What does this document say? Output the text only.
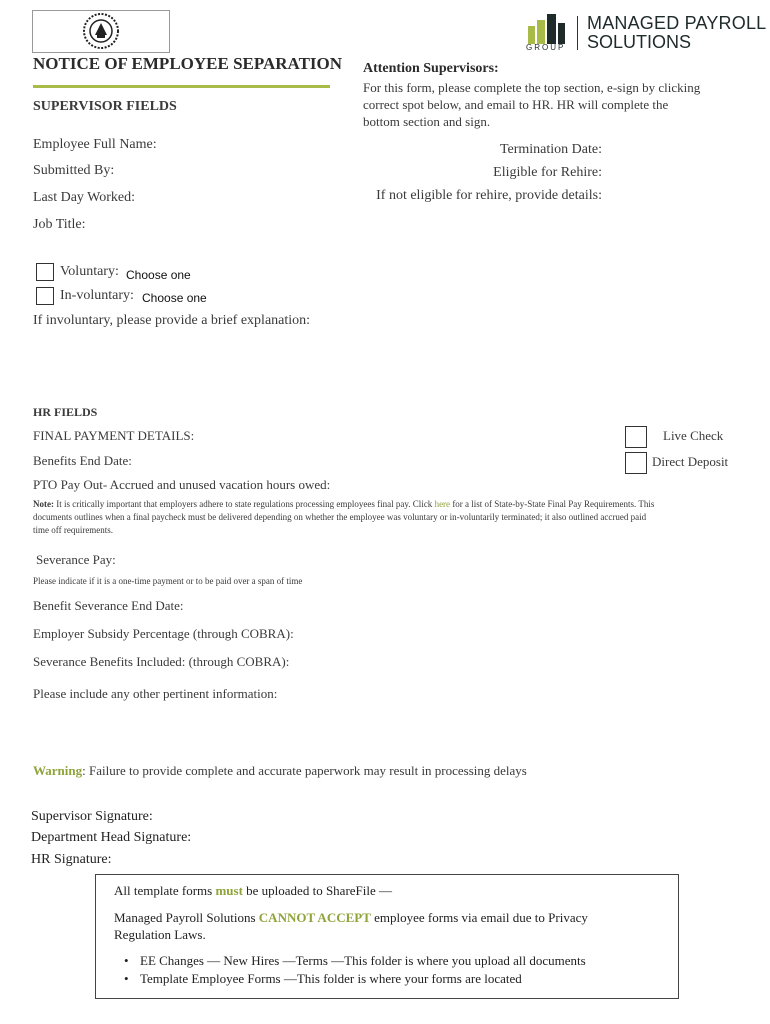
GROUP
MANAGED PAYROLL
SOLUTIONS
NOTICE OF EMPLOYEE SEPARATION Attention Supervisors:
For this form, please complete the top section, e-sign by clicking
correct spot below, and email to HR. HR will complete the
bottom section and sign.
SUPERVISOR FIELDS
Employee Full Name:
Submitted By:
Last Day Worked:
Job Title:
Termination Date:
Eligible for Rehire:
If not eligible for rehire, provide details:
Voluntary: Choose one
In-voluntary: Choose one
If involuntary, please provide a brief explanation:
HR FIELDS
FINAL PAYMENT DETAILS:	Live Check
Direct Deposit
Benefits End Date:
PTO Pay Out- Accrued and unused vacation hours owed:
Note: It is critically important that employers adhere to state regulations processing employees final pay. Click here for a list of State-by-State Final Pay Requirements. This
documents outlines when a final paycheck must be delivered depending on whether the employee was voluntary or in-voluntarily terminated; it also outlined accrued paid
time off requirements.
Severance Pay:
Please indicate if it is a one-time payment or to be paid over a span of time
Benefit Severance End Date:
Employer Subsidy Percentage (through COBRA):
Severance Benefits Included: (through COBRA):
Please include any other pertinent information:
Warning: Failure to provide complete and accurate paperwork may result in processing delays
Supervisor Signature:
Department Head Signature:
HR Signature:
All template forms must be uploaded to ShareFile —
Managed Payroll Solutions CANNOT ACCEPT employee forms via email due to Privacy
Regulation Laws.
• EE Changes — New Hires —Terms —This folder is where you upload all documents
• Template Employee Forms —This folder is where your forms are located
